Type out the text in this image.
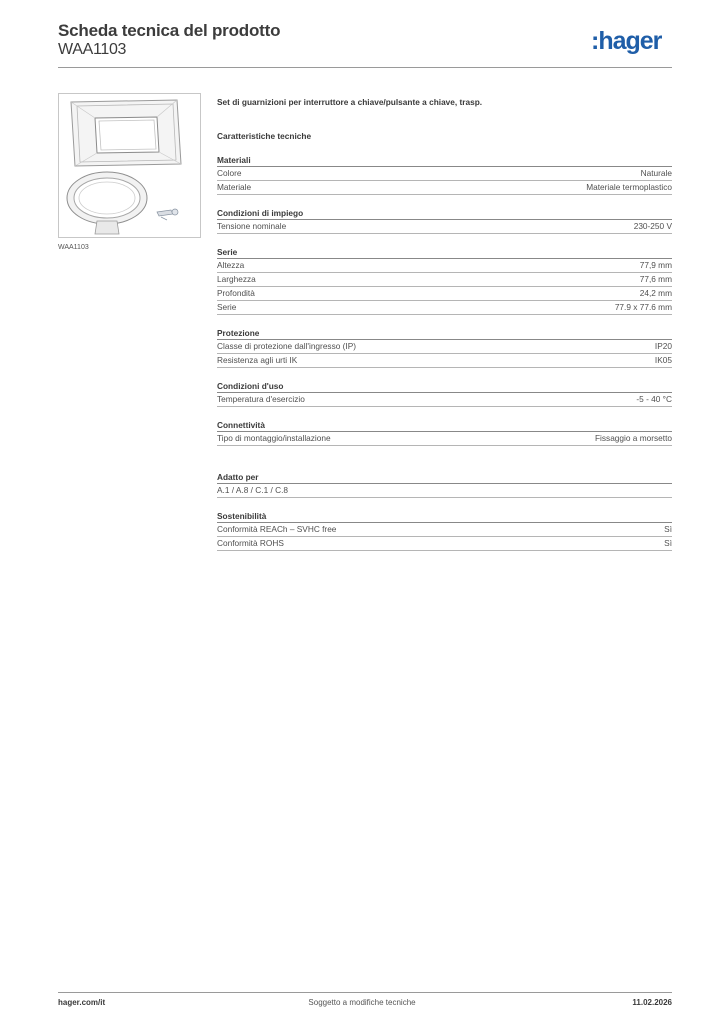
Scheda tecnica del prodotto
WAA1103	:hager
WAA1103
Set di guarnizioni per interruttore a chiave/pulsante a chiave, trasp.
Caratteristiche tecniche
Materiali
Colore	Naturale
Materiale	Materiale termoplastico
Condizioni di impiego
Tensione nominale	230-250 V
Serie
Altezza	77,9 mm
Larghezza	77,6 mm
Profondità	24,2 mm
Serie	77.9 x 77.6 mm
Protezione
Classe di protezione dall'ingresso (IP)	IP20
Resistenza agli urti IK	IK05
Condizioni d'uso
Temperatura d'esercizio	-5 - 40 °C
Connettività
Tipo di montaggio/installazione	Fissaggio a morsetto
Adatto per
A.1 / A.8 / C.1 / C.8
Sostenibilità
Conformità REACh – SVHC free	Sì
Conformità ROHS	Sì
hager.com/it	Soggetto a modifiche tecniche	11.02.2026
